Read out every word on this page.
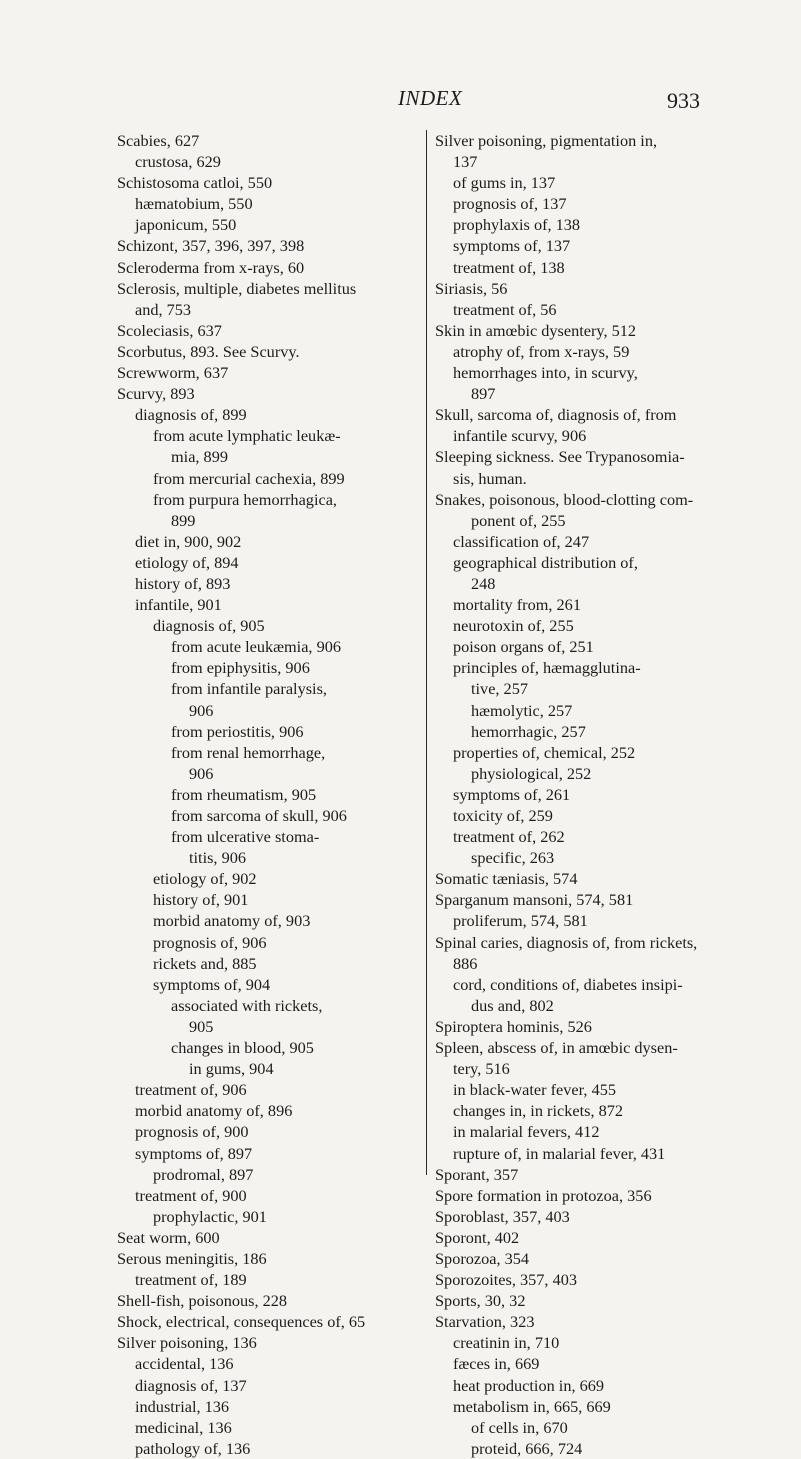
INDEX	933
Scabies, 627
crustosa, 629
Schistosoma catloi, 550
hæmatobium, 550
japonicum, 550
Schizont, 357, 396, 397, 398
Scleroderma from x-rays, 60
Sclerosis, multiple, diabetes mellitus
and, 753
Scoleciasis, 637
Scorbutus, 893. See Scurvy.
Screwworm, 637
Scurvy, 893
diagnosis of, 899
from acute lymphatic leukæ-
mia, 899
from mercurial cachexia, 899
from purpura hemorrhagica,
899
diet in, 900, 902
etiology of, 894
history of, 893
infantile, 901
diagnosis of, 905
from acute leukæmia, 906
from epiphysitis, 906
from infantile paralysis,
906
from periostitis, 906
from renal hemorrhage,
906
from rheumatism, 905
from sarcoma of skull, 906
from ulcerative stoma-
titis, 906
etiology of, 902
history of, 901
morbid anatomy of, 903
prognosis of, 906
rickets and, 885
symptoms of, 904
associated with rickets,
905
changes in blood, 905
in gums, 904
treatment of, 906
morbid anatomy of, 896
prognosis of, 900
symptoms of, 897
prodromal, 897
treatment of, 900
prophylactic, 901
Seat worm, 600
Serous meningitis, 186
treatment of, 189
Shell-fish, poisonous, 228
Shock, electrical, consequences of, 65
Silver poisoning, 136
accidental, 136
diagnosis of, 137
industrial, 136
medicinal, 136
pathology of, 136
Silver poisoning, pigmentation in,
137
of gums in, 137
prognosis of, 137
prophylaxis of, 138
symptoms of, 137
treatment of, 138
Siriasis, 56
treatment of, 56
Skin in amœbic dysentery, 512
atrophy of, from x-rays, 59
hemorrhages into, in scurvy,
897
Skull, sarcoma of, diagnosis of, from
infantile scurvy, 906
Sleeping sickness. See Trypanosomia-
sis, human.
Snakes, poisonous, blood-clotting com-
ponent of, 255
classification of, 247
geographical distribution of,
248
mortality from, 261
neurotoxin of, 255
poison organs of, 251
principles of, hæmagglutina-
tive, 257
hæmolytic, 257
hemorrhagic, 257
properties of, chemical, 252
physiological, 252
symptoms of, 261
toxicity of, 259
treatment of, 262
specific, 263
Somatic tæniasis, 574
Sparganum mansoni, 574, 581
proliferum, 574, 581
Spinal caries, diagnosis of, from rickets,
886
cord, conditions of, diabetes insipi-
dus and, 802
Spiroptera hominis, 526
Spleen, abscess of, in amœbic dysen-
tery, 516
in black-water fever, 455
changes in, in rickets, 872
in malarial fevers, 412
rupture of, in malarial fever, 431
Sporant, 357
Spore formation in protozoa, 356
Sporoblast, 357, 403
Sporont, 402
Sporozoa, 354
Sporozoites, 357, 403
Sports, 30, 32
Starvation, 323
creatinin in, 710
fæces in, 669
heat production in, 669
metabolism in, 665, 669
of cells in, 670
proteid, 666, 724
